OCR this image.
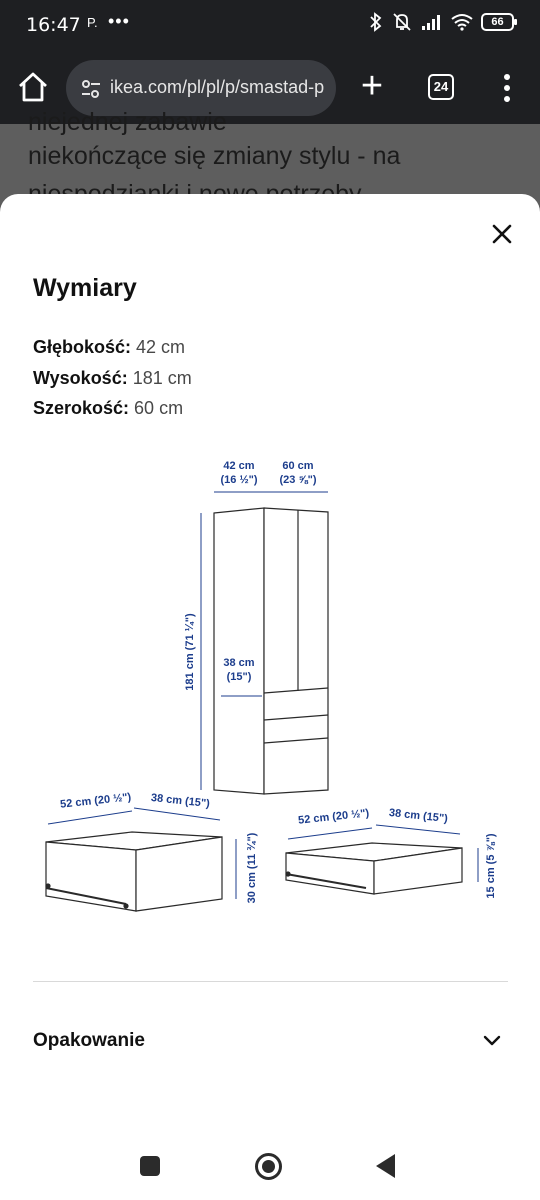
16:47 P. •••	66
ikea.com/pl/pl/p/smastad-p +	24
niejednej zabawie
niekończące się zmiany stylu - na
Wymiary
Głębokość: 42 cm
Wysokość: 181 cm
Szerokość: 60 cm
42 cm
(16 ½")
60 cm
(23 ⅝")
181 cm (71 ¼") 38 cm
(15")
52 cm (20 ½") 38 cm (15")
30 cm (11 ¾")
52 cm (20 ½") 38 cm (15")
15 cm (5 ⅞")
Opakowanie
